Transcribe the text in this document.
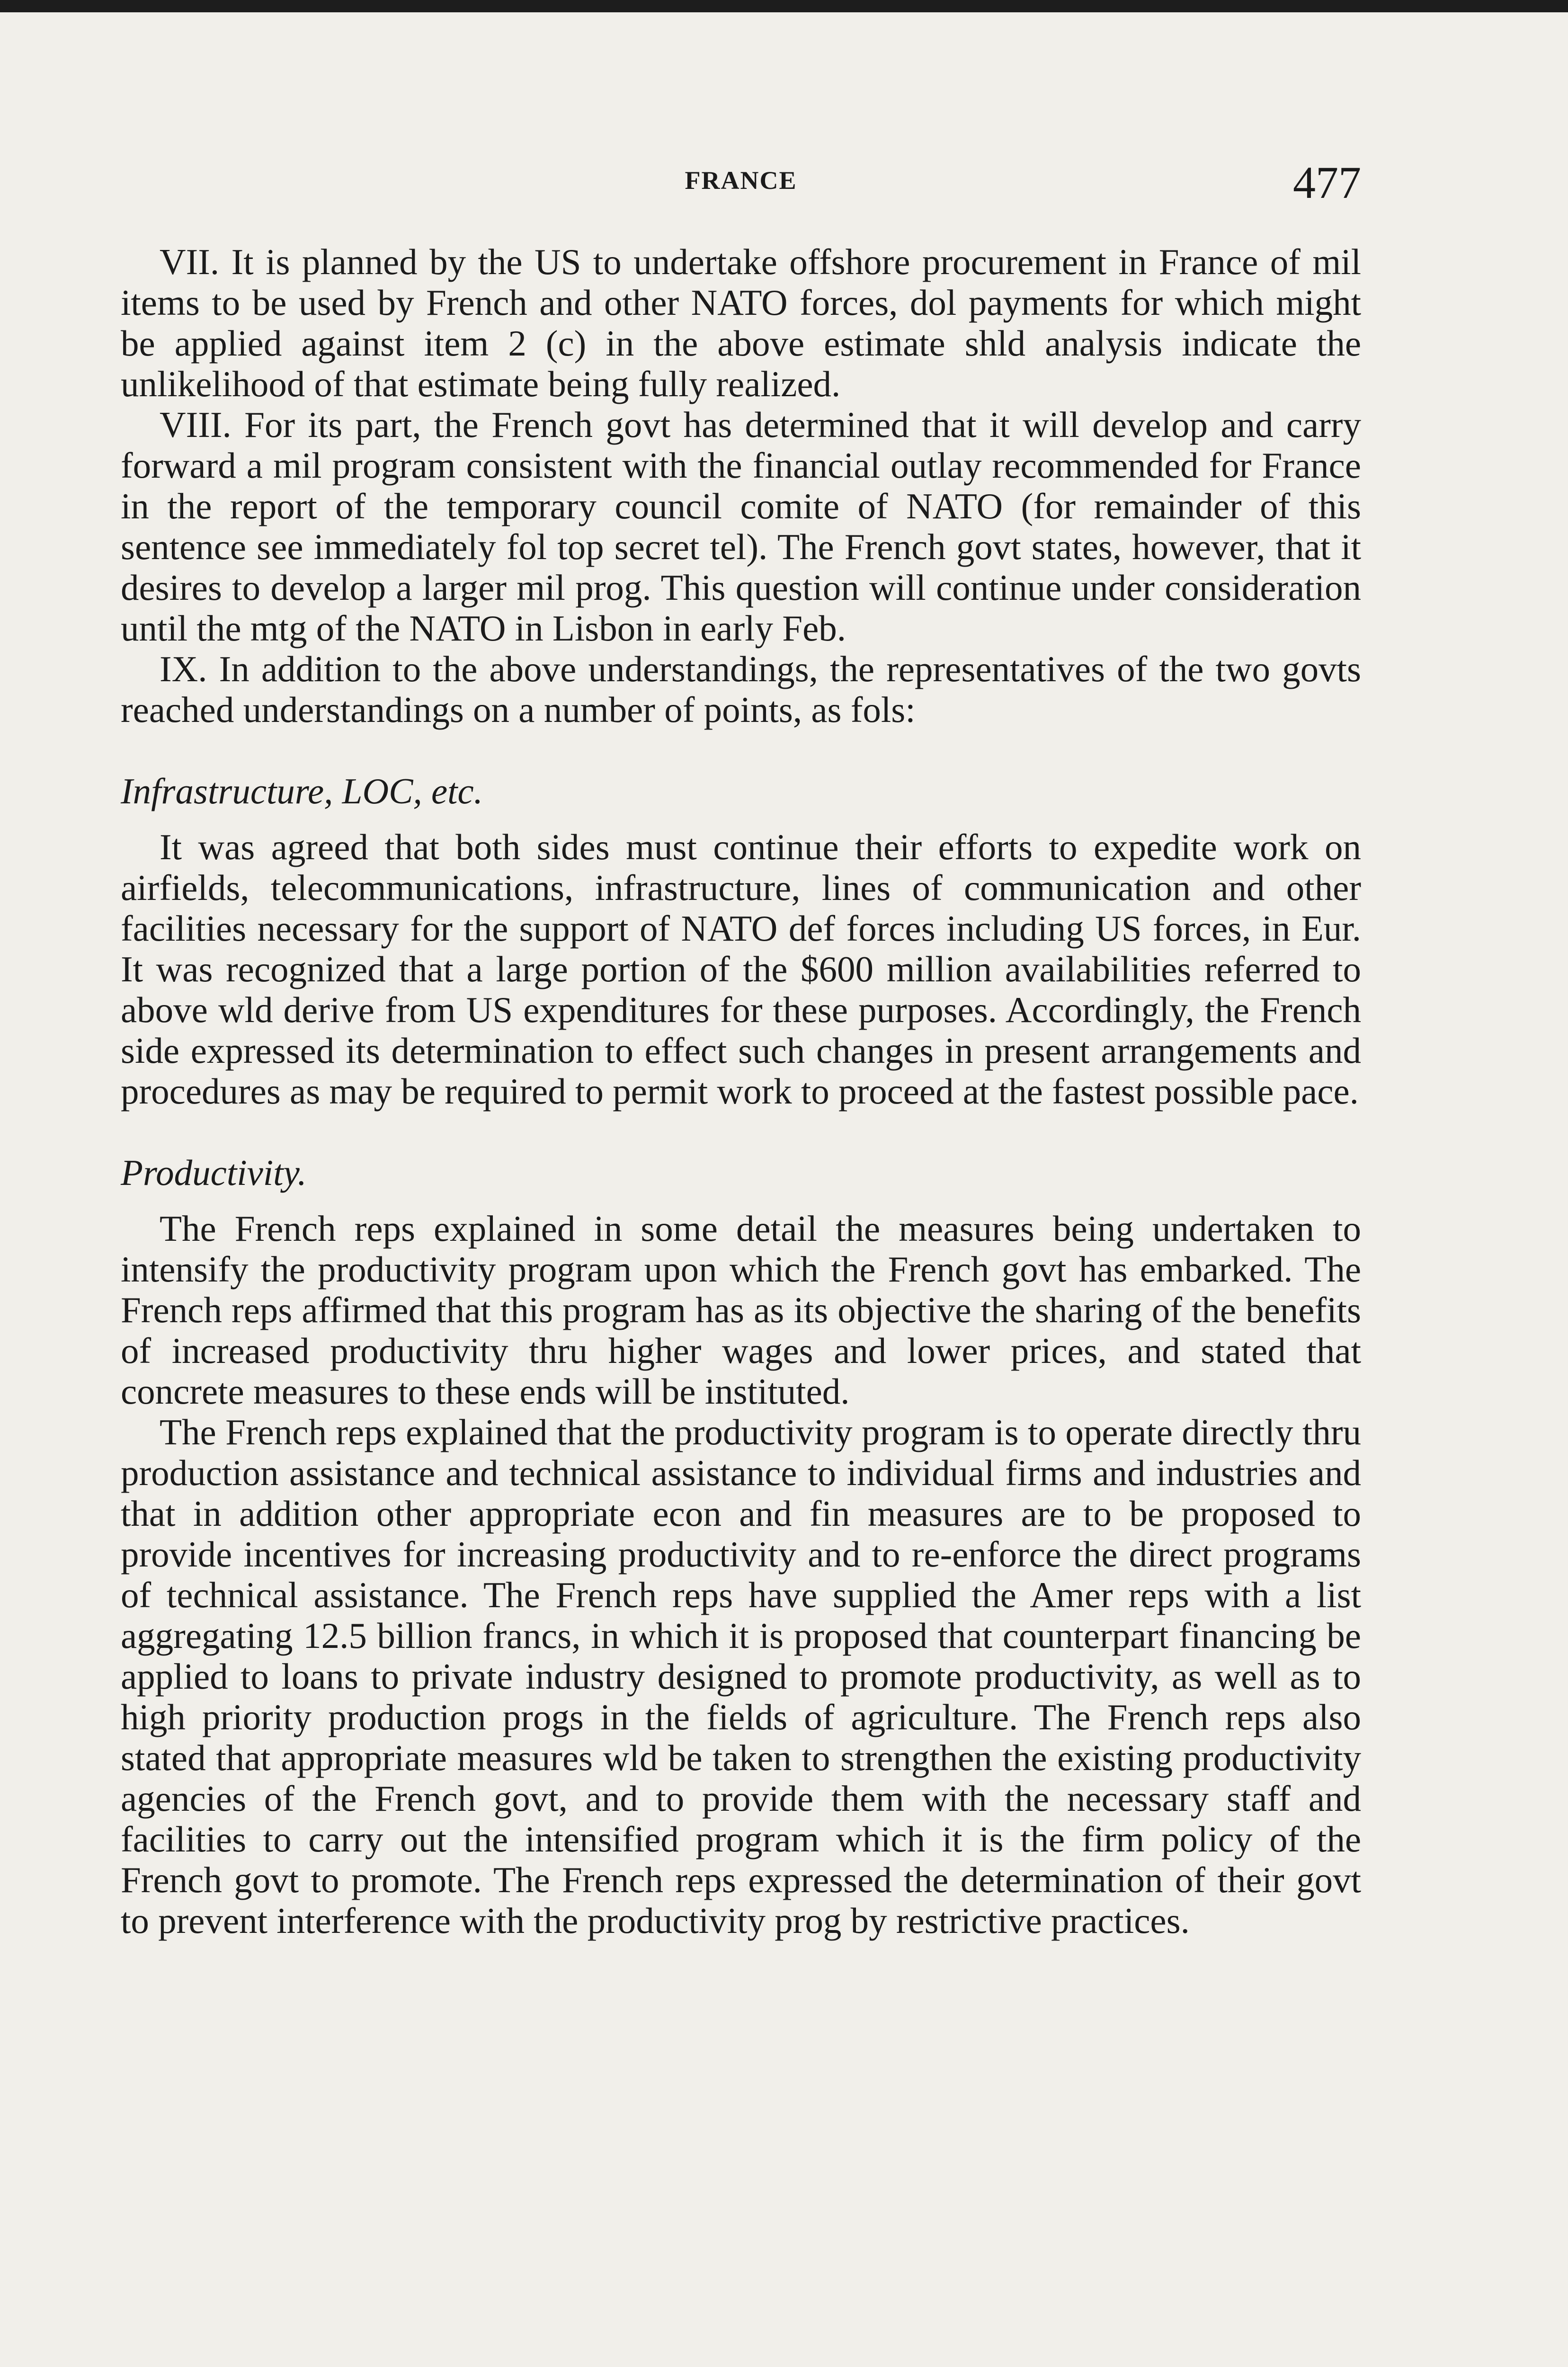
FRANCE	477

VII. It is planned by the US to undertake offshore procurement in France of mil items to be used by French and other NATO forces, dol payments for which might be applied against item 2 (c) in the above estimate shld analysis indicate the unlikelihood of that estimate being fully realized.

VIII. For its part, the French govt has determined that it will develop and carry forward a mil program consistent with the financial outlay recommended for France in the report of the temporary council comite of NATO (for remainder of this sentence see immediately fol top secret tel). The French govt states, however, that it desires to develop a larger mil prog. This question will continue under consideration until the mtg of the NATO in Lisbon in early Feb.

IX. In addition to the above understandings, the representatives of the two govts reached understandings on a number of points, as fols:

Infrastructure, LOC, etc.

It was agreed that both sides must continue their efforts to expedite work on airfields, telecommunications, infrastructure, lines of communication and other facilities necessary for the support of NATO def forces including US forces, in Eur. It was recognized that a large portion of the $600 million availabilities referred to above wld derive from US expenditures for these purposes. Accordingly, the French side expressed its determination to effect such changes in present arrangements and procedures as may be required to permit work to proceed at the fastest possible pace.

Productivity.

The French reps explained in some detail the measures being undertaken to intensify the productivity program upon which the French govt has embarked. The French reps affirmed that this program has as its objective the sharing of the benefits of increased productivity thru higher wages and lower prices, and stated that concrete measures to these ends will be instituted.

The French reps explained that the productivity program is to operate directly thru production assistance and technical assistance to individual firms and industries and that in addition other appropriate econ and fin measures are to be proposed to provide incentives for increasing productivity and to re-enforce the direct programs of technical assistance. The French reps have supplied the Amer reps with a list aggregating 12.5 billion francs, in which it is proposed that counterpart financing be applied to loans to private industry designed to promote productivity, as well as to high priority production progs in the fields of agriculture. The French reps also stated that appropriate measures wld be taken to strengthen the existing productivity agencies of the French govt, and to provide them with the necessary staff and facilities to carry out the intensified program which it is the firm policy of the French govt to promote. The French reps expressed the determination of their govt to prevent interference with the productivity prog by restrictive practices.
